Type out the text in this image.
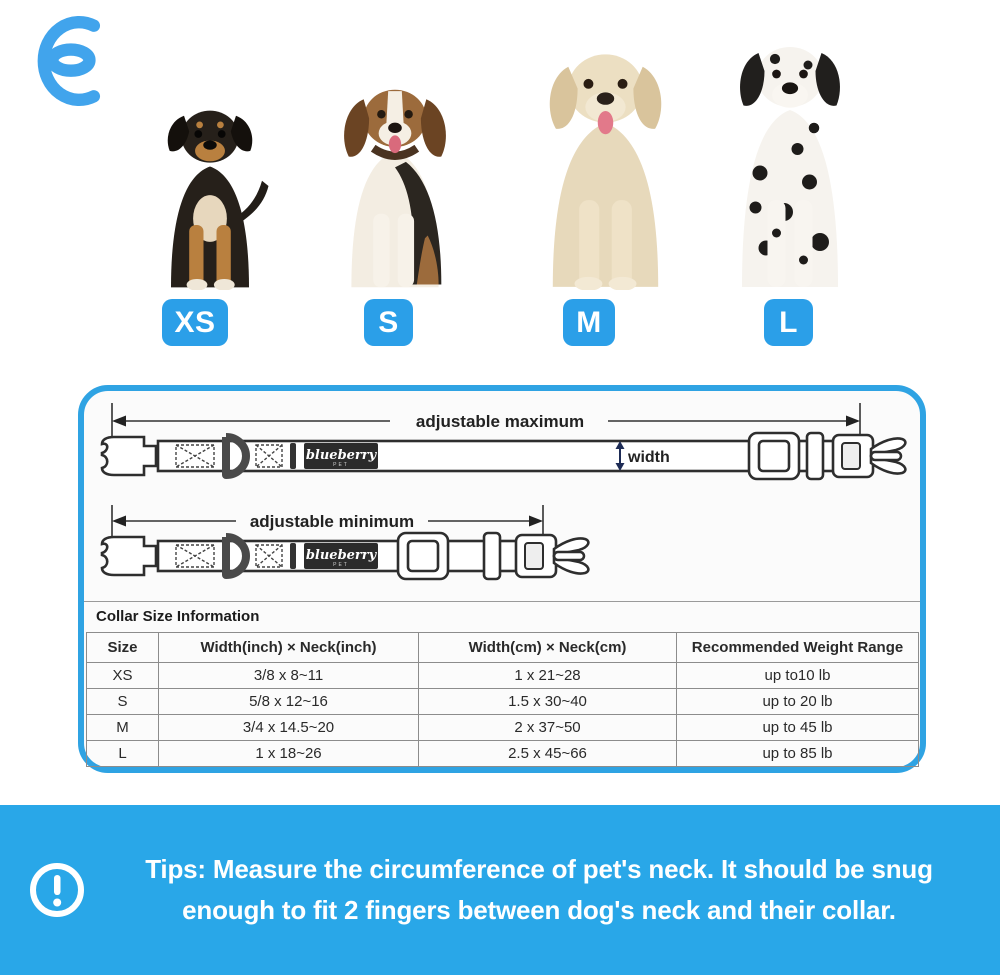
XS	S	M	L
adjustable maximum
blueberry
PET	width
adjustable minimum
blueberry
PET
Collar Size Information
Size	Width(inch) × Neck(inch)	Width(cm) × Neck(cm)	Recommended Weight Range
XS	3/8 x 8~11	1 x 21~28	up to10 lb
S	5/8 x 12~16	1.5 x 30~40	up to 20 lb
M	3/4 x 14.5~20	2 x 37~50	up to 45 lb
L	1 x 18~26	2.5 x 45~66	up to 85 lb
Tips: Measure the circumference of pet's neck. It should be snug
enough to fit 2 fingers between dog's neck and their collar.
